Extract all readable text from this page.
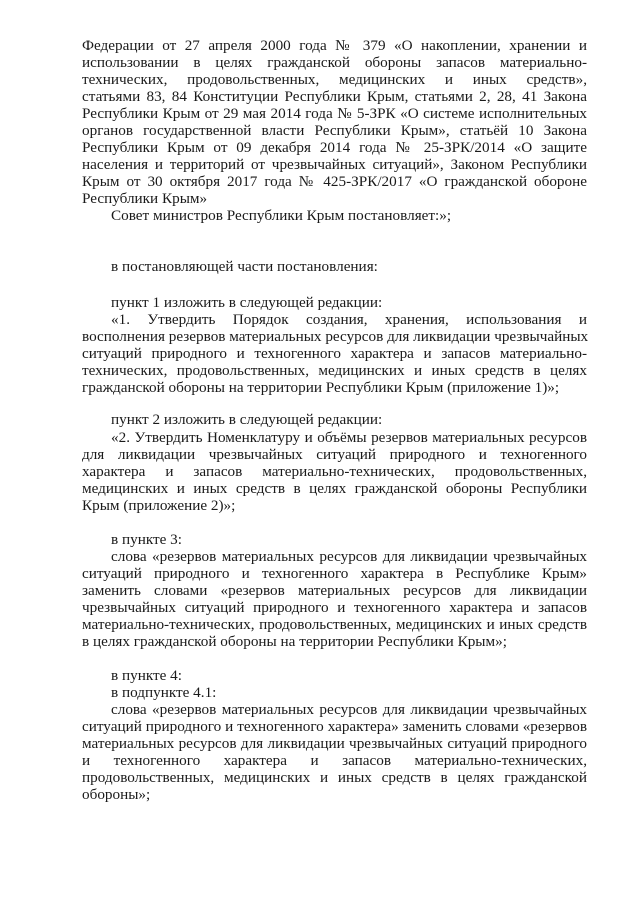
Федерации от 27 апреля 2000 года № 379 «О накоплении, хранении и
использовании в целях гражданской обороны запасов материально-
технических, продовольственных, медицинских и иных средств»,
статьями 83, 84 Конституции Республики Крым, статьями 2, 28, 41 Закона
Республики Крым от 29 мая 2014 года № 5-ЗРК «О системе исполнительных
органов государственной власти Республики Крым», статьёй 10 Закона
Республики Крым от 09 декабря 2014 года № 25-ЗРК/2014 «О защите
населения и территорий от чрезвычайных ситуаций», Законом Республики
Крым от 30 октября 2017 года № 425-ЗРК/2017 «О гражданской обороне
Республики Крым»
Совет министров Республики Крым постановляет:»;
в постановляющей части постановления:
пункт 1 изложить в следующей редакции:
«1. Утвердить Порядок создания, хранения, использования и
восполнения резервов материальных ресурсов для ликвидации чрезвычайных
ситуаций природного и техногенного характера и запасов материально-
технических, продовольственных, медицинских и иных средств в целях
гражданской обороны на территории Республики Крым (приложение 1)»;
пункт 2 изложить в следующей редакции:
«2. Утвердить Номенклатуру и объёмы резервов материальных ресурсов
для ликвидации чрезвычайных ситуаций природного и техногенного
характера и запасов материально-технических, продовольственных,
медицинских и иных средств в целях гражданской обороны Республики
Крым (приложение 2)»;
в пункте 3:
слова «резервов материальных ресурсов для ликвидации чрезвычайных
ситуаций природного и техногенного характера в Республике Крым»
заменить словами «резервов материальных ресурсов для ликвидации
чрезвычайных ситуаций природного и техногенного характера и запасов
материально-технических, продовольственных, медицинских и иных средств
в целях гражданской обороны на территории Республики Крым»;
в пункте 4:
в подпункте 4.1:
слова «резервов материальных ресурсов для ликвидации чрезвычайных
ситуаций природного и техногенного характера» заменить словами «резервов
материальных ресурсов для ликвидации чрезвычайных ситуаций природного
и техногенного характера и запасов материально-технических,
продовольственных, медицинских и иных средств в целях гражданской
обороны»;
